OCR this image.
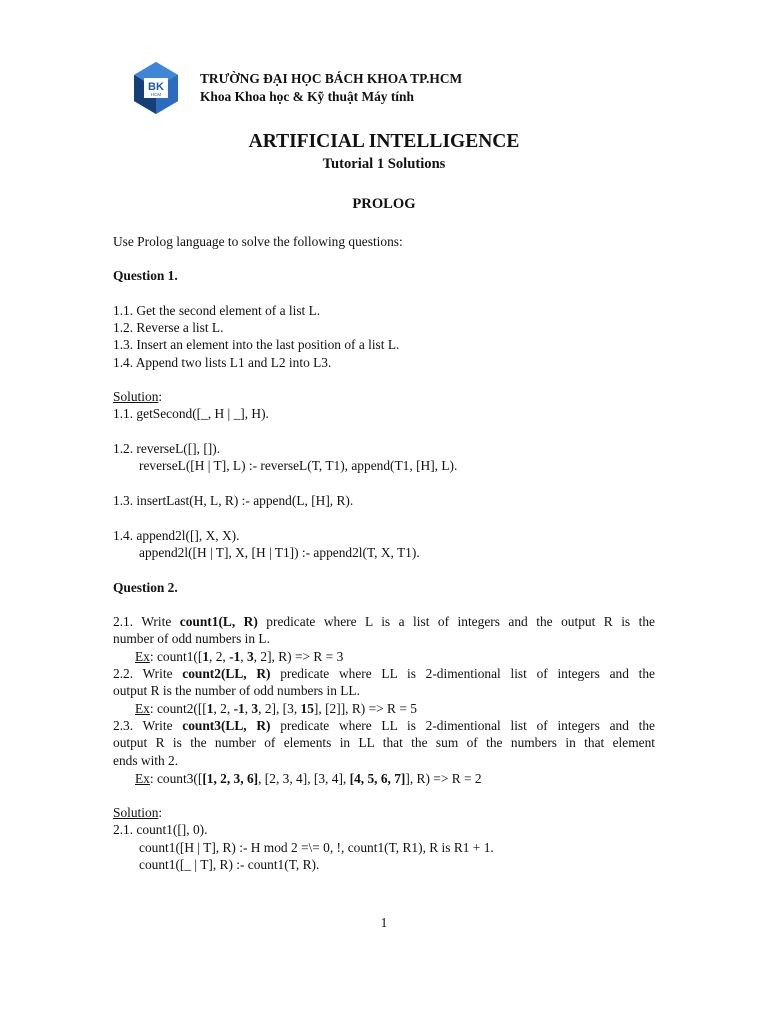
BK
HCM
TRƯỜNG ĐẠI HỌC BÁCH KHOA TP.HCM
Khoa Khoa học & Kỹ thuật Máy tính
ARTIFICIAL INTELLIGENCE
Tutorial 1 Solutions
PROLOG
Use Prolog language to solve the following questions:
Question 1.
1.1. Get the second element of a list L.
1.2. Reverse a list L.
1.3. Insert an element into the last position of a list L.
1.4. Append two lists L1 and L2 into L3.
Solution:
1.1. getSecond([_, H | _], H).
1.2. reverseL([], []).
reverseL([H | T], L) :- reverseL(T, T1), append(T1, [H], L).
1.3. insertLast(H, L, R) :- append(L, [H], R).
1.4. append2l([], X, X).
append2l([H | T], X, [H | T1]) :- append2l(T, X, T1).
Question 2.
2.1. Write count1(L, R) predicate where L is a list of integers and the output R is the
number of odd numbers in L.
Ex: count1([1, 2, -1, 3, 2], R) => R = 3
2.2. Write count2(LL, R) predicate where LL is 2-dimentional list of integers and the
output R is the number of odd numbers in LL.
Ex: count2([[1, 2, -1, 3, 2], [3, 15], [2]], R) => R = 5
2.3. Write count3(LL, R) predicate where LL is 2-dimentional list of integers and the
output R is the number of elements in LL that the sum of the numbers in that element
ends with 2.
Ex: count3([[1, 2, 3, 6], [2, 3, 4], [3, 4], [4, 5, 6, 7]], R) => R = 2
Solution:
2.1. count1([], 0).
count1([H | T], R) :- H mod 2 =\= 0, !, count1(T, R1), R is R1 + 1.
count1([_ | T], R) :- count1(T, R).
1
